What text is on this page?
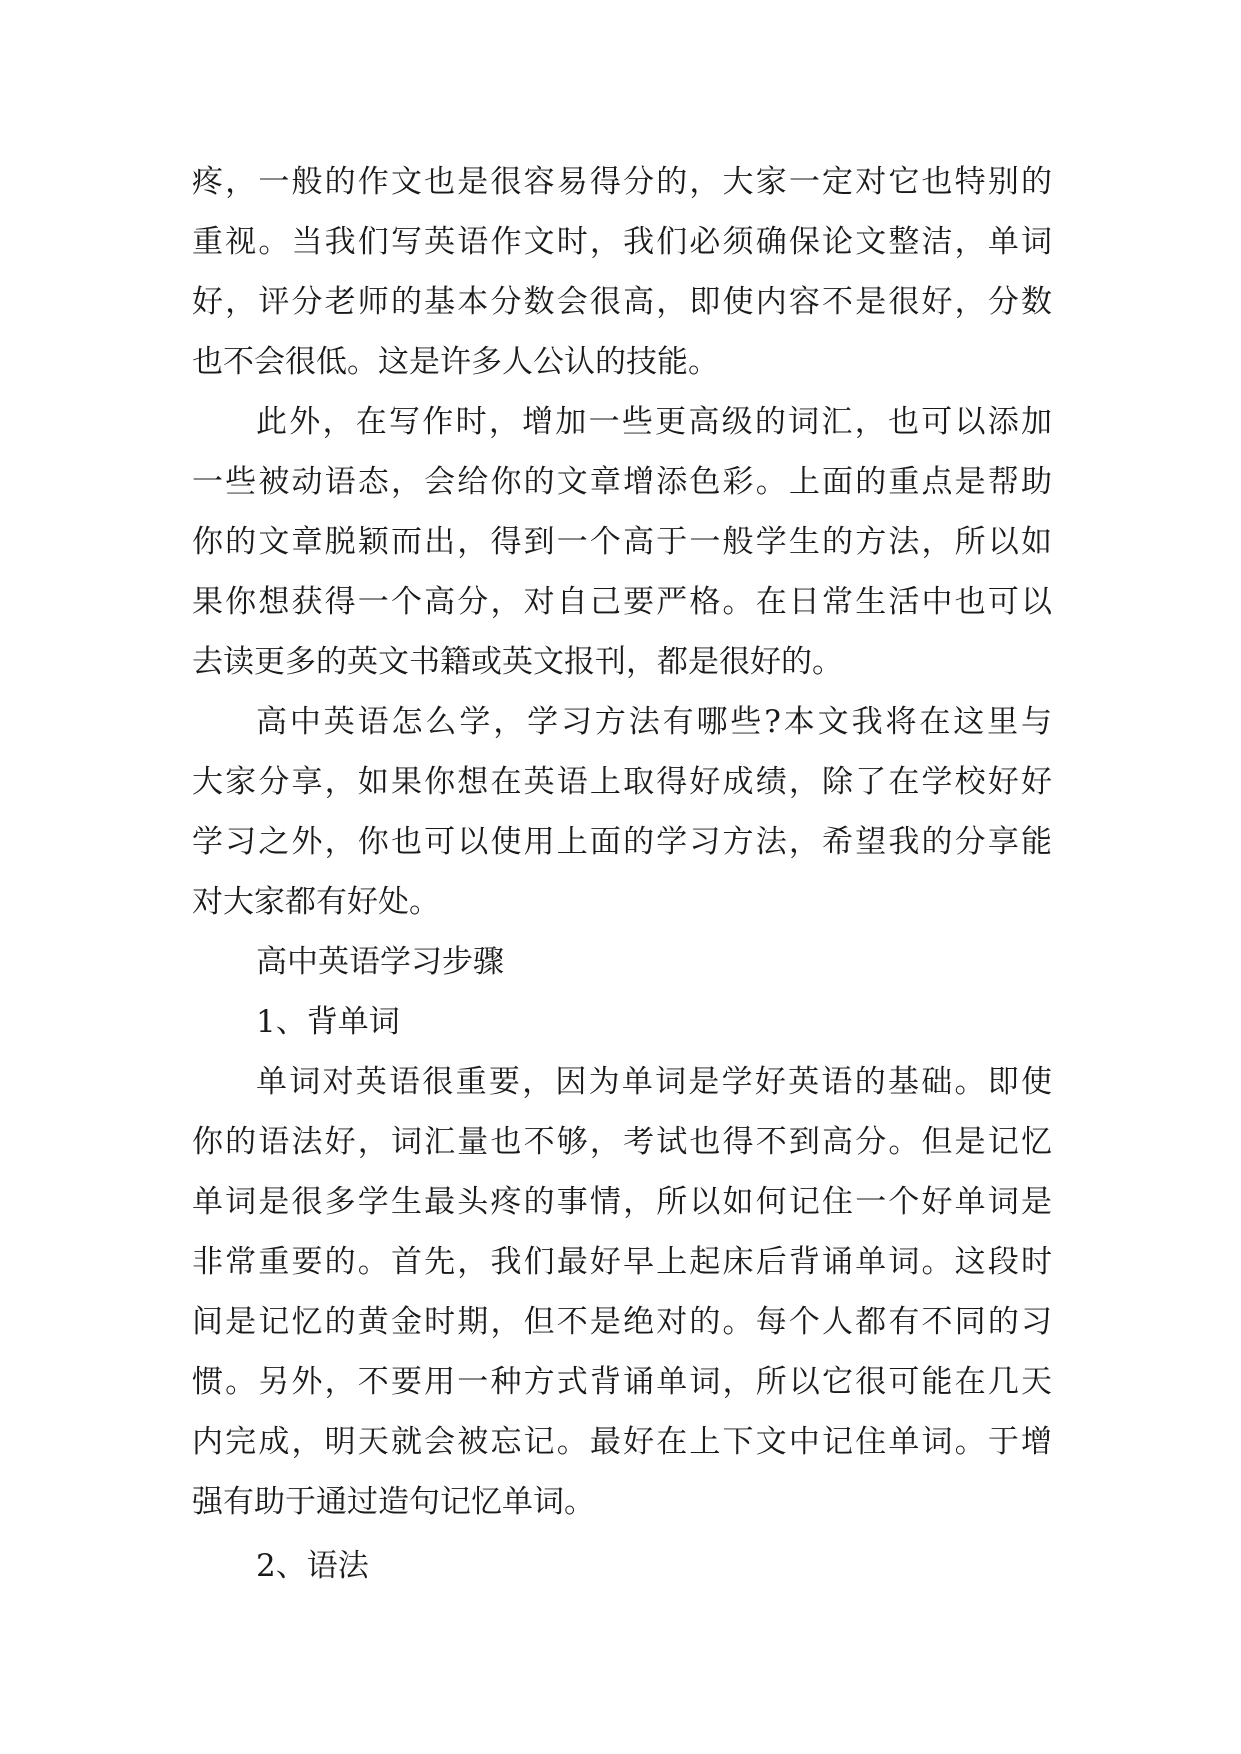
疼，一般的作文也是很容易得分的，大家一定对它也特别的
重视。当我们写英语作文时，我们必须确保论文整洁，单词
好，评分老师的基本分数会很高，即使内容不是很好，分数
也不会很低。这是许多人公认的技能。
此外，在写作时，增加一些更高级的词汇，也可以添加
一些被动语态，会给你的文章增添色彩。上面的重点是帮助
你的文章脱颖而出，得到一个高于一般学生的方法，所以如
果你想获得一个高分，对自己要严格。在日常生活中也可以
去读更多的英文书籍或英文报刊，都是很好的。
高中英语怎么学，学习方法有哪些?本文我将在这里与
大家分享，如果你想在英语上取得好成绩，除了在学校好好
学习之外，你也可以使用上面的学习方法，希望我的分享能
对大家都有好处。
高中英语学习步骤
1、背单词
单词对英语很重要，因为单词是学好英语的基础。即使
你的语法好，词汇量也不够，考试也得不到高分。但是记忆
单词是很多学生最头疼的事情，所以如何记住一个好单词是
非常重要的。首先，我们最好早上起床后背诵单词。这段时
间是记忆的黄金时期，但不是绝对的。每个人都有不同的习
惯。另外，不要用一种方式背诵单词，所以它很可能在几天
内完成，明天就会被忘记。最好在上下文中记住单词。于增
强有助于通过造句记忆单词。
2、语法
